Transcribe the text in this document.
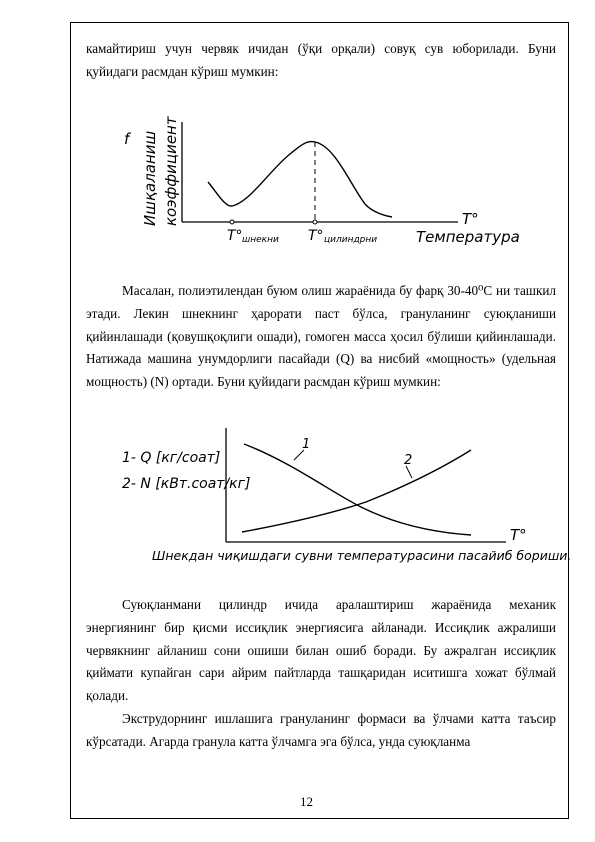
камайтириш учун червяк ичидан (ўқи орқали) совуқ сув юборилади. Буни қуйидаги расмдан кўриш мумкин:

f Ишқаланиш коэффициент	T°
T° шнекни T° цилиндрни	Температура

Масалан, полиэтилендан буюм олиш жараёнида бу фарқ 30-40⁰С ни ташкил этади. Лекин шнекнинг ҳарорати паст бўлса, грануланинг суюқланиши қийинлашади (қовушқоқлиги ошади), гомоген масса ҳосил бўлиши қийинлашади. Натижада машина унумдорлиги пасайади (Q) ва нисбий «мощность» (удельная мощность) (N) ортади. Буни қуйидаги расмдан кўриш мумкин:

1- Q [кг/соат]
2- N [кВт.соат/кг]
1
2
T°
Шнекдан чиқишдаги сувни температурасини пасайиб бориши.

Суюқланмани цилиндр ичида аралаштириш жараёнида механик энергиянинг бир қисми иссиқлик энергиясига айланади. Иссиқлик ажралиши червякнинг айланиш сони ошиши билан ошиб боради. Бу ажралган иссиқлик қиймати купайган сари айрим пайтларда ташқаридан иситишга хожат бўлмай қолади.

Экструдорнинг ишлашига грануланинг формаси ва ўлчами катта таъсир кўрсатади. Агарда гранула катта ўлчамга эга бўлса, унда суюқланма

12
